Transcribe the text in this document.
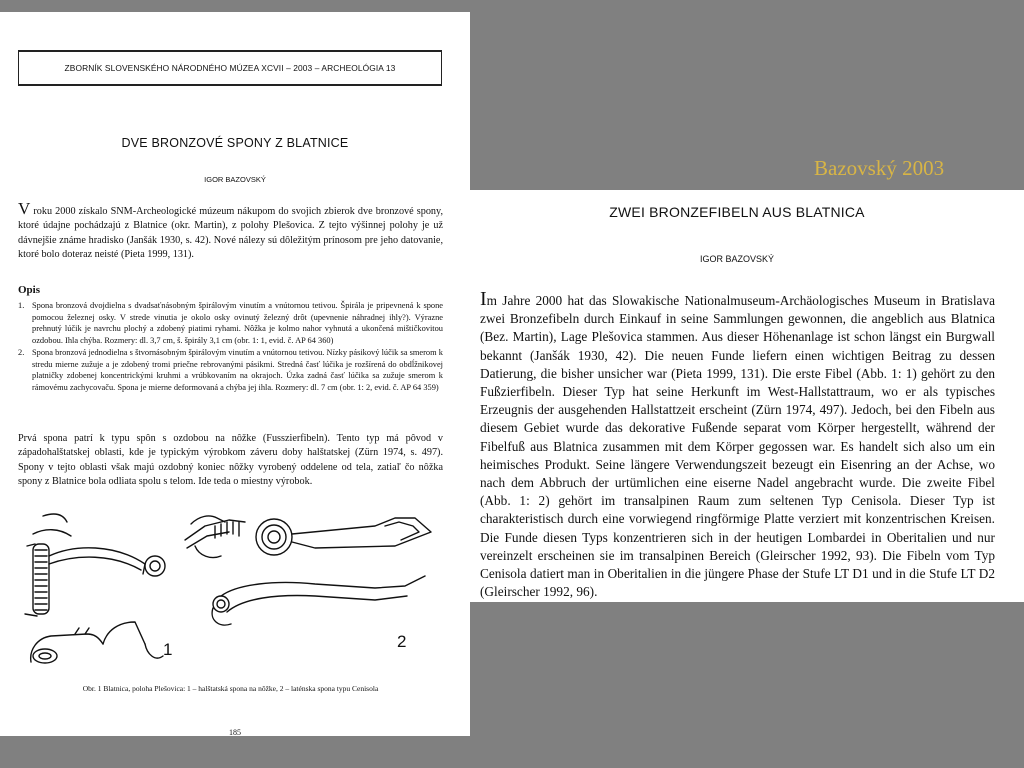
ZBORNÍK SLOVENSKÉHO NÁRODNÉHO MÚZEA XCVII – 2003 – ARCHEOLÓGIA 13
DVE BRONZOVÉ SPONY Z BLATNICE
IGOR BAZOVSKÝ
V roku 2000 získalo SNM-Archeologické múzeum nákupom do svojich zbierok dve bronzové spony, ktoré údajne pochádzajú z Blatnice (okr. Martin), z polohy Plešovica. Z tejto výšinnej polohy je už dávnejšie známe hradisko (Janšák 1930, s. 42). Nové nálezy sú dôležitým prínosom pre jeho datovanie, ktoré bolo doteraz neisté (Pieta 1999, 131).
Opis
1. Spona bronzová dvojdielna s dvadsaťnásobným špirálovým vinutím a vnútornou tetivou. Špirála je pripevnená k spone pomocou železnej osky. V strede vinutia je okolo osky ovinutý železný drôt (upevnenie náhradnej ihly?). Výrazne prehnutý lúčik je navrchu plochý a zdobený piatimi ryhami. Nôžka je kolmo nahor vyhnutá a ukončená mištičkovitou ozdobou. Ihla chýba. Rozmery: dl. 3,7 cm, š. špirály 3,1 cm (obr. 1: 1, evid. č. AP 64 360)
2. Spona bronzová jednodielna s štvornásobným špirálovým vinutím a vnútornou tetivou. Nízky pásikový lúčik sa smerom k stredu mierne zužuje a je zdobený tromi priečne rebrovanými pásikmi. Stredná časť lúčika je rozšírená do obdĺžnikovej platničky zdobenej koncentrickými kruhmi a vrúbkovaním na okrajoch. Úzka zadná časť lúčika sa zužuje smerom k rámovému zachycovaču. Spona je mierne deformovaná a chýba jej ihla. Rozmery: dl. 7 cm (obr. 1: 2, evid. č. AP 64 359)
Prvá spona patrí k typu spôn s ozdobou na nôžke (Fusszierfibeln). Tento typ má pôvod v západohalštatskej oblasti, kde je typickým výrobkom záveru doby halštatskej (Zürn 1974, s. 497). Spony v tejto oblasti však majú ozdobný koniec nôžky vyrobený oddelene od tela, zatiaľ čo nôžka spony z Blatnice bola odliata spolu s telom. Ide teda o miestny výrobok.
1	2
Obr. 1 Blatnica, poloha Plešovica: 1 – halštatská spona na nôžke, 2 – laténska spona typu Cenisola
185
Bazovský 2003
ZWEI BRONZEFIBELN AUS BLATNICA
IGOR BAZOVSKÝ
Im Jahre 2000 hat das Slowakische Nationalmuseum-Archäologisches Museum in Bratislava zwei Bronzefibeln durch Einkauf in seine Sammlungen gewonnen, die angeblich aus Blatnica (Bez. Martin), Lage Plešovica stammen. Aus dieser Höhenanlage ist schon längst ein Burgwall bekannt (Janšák 1930, 42). Die neuen Funde liefern einen wichtigen Beitrag zu dessen Datierung, die bisher unsicher war (Pieta 1999, 131). Die erste Fibel (Abb. 1: 1) gehört zu den Fußzierfibeln. Dieser Typ hat seine Herkunft im West-Hallstattraum, wo er als typisches Erzeugnis der ausgehenden Hallstattzeit erscheint (Zürn 1974, 497). Jedoch, bei den Fibeln aus diesem Gebiet wurde das dekorative Fußende separat vom Körper hergestellt, während der Fibelfuß aus Blatnica zusammen mit dem Körper gegossen war. Es handelt sich also um ein heimisches Produkt. Seine längere Verwendungszeit bezeugt ein Eisenring an der Achse, wo nach dem Abbruch der urtümlichen eine eiserne Nadel angebracht wurde. Die zweite Fibel (Abb. 1: 2) gehört im transalpinen Raum zum seltenen Typ Cenisola. Dieser Typ ist charakteristisch durch eine vorwiegend ringförmige Platte verziert mit konzentrischen Kreisen. Die Funde diesen Typs konzentrieren sich in der heutigen Lombardei in Oberitalien und nur vereinzelt erscheinen sie im transalpinen Bereich (Gleirscher 1992, 93). Die Fibeln vom Typ Cenisola datiert man in Oberitalien in die jüngere Phase der Stufe LT D1 und in die Stufe LT D2 (Gleirscher 1992, 96).
